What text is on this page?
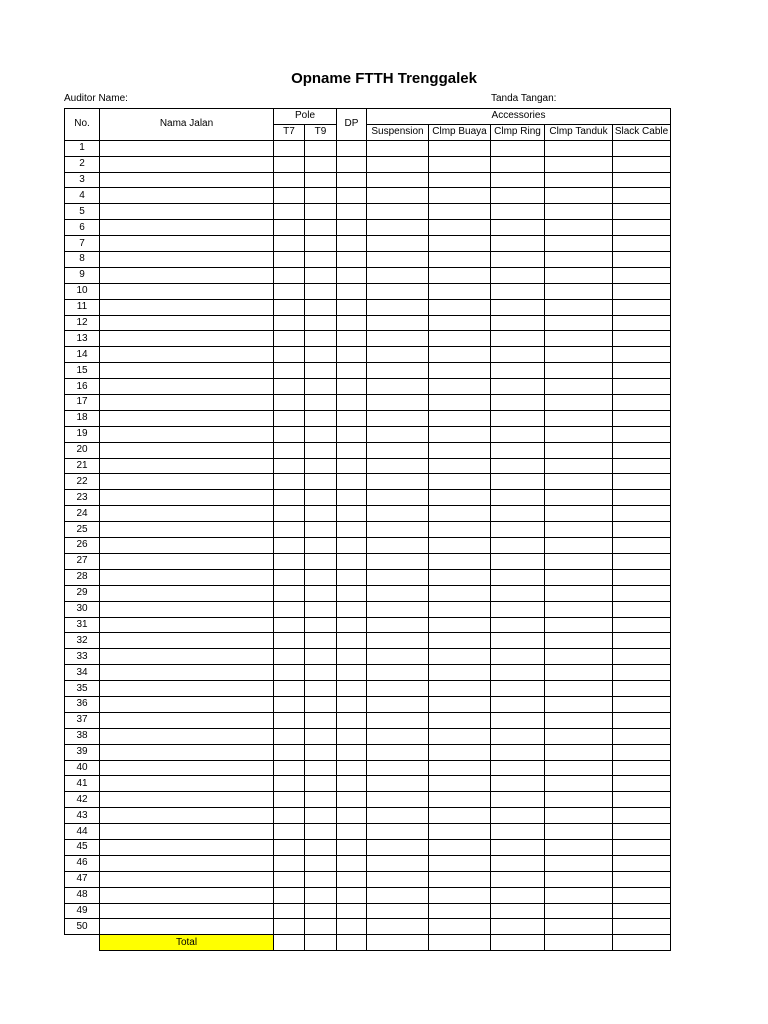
Opname FTTH Trenggalek
Auditor Name:	Tanda Tangan:
No.	Nama Jalan	Pole		DP	Accessories				
		T7	T9		Suspension	Clmp Buaya	Clmp Ring	Clmp Tanduk	Slack Cable
1									
2									
3									
4									
5									
6									
7									
8									
9									
10									
11									
12									
13									
14									
15									
16									
17									
18									
19									
20									
21									
22									
23									
24									
25									
26									
27									
28									
29									
30									
31									
32									
33									
34									
35									
36									
37									
38									
39									
40									
41									
42									
43									
44									
45									
46									
47									
48									
49									
50									
	Total								
